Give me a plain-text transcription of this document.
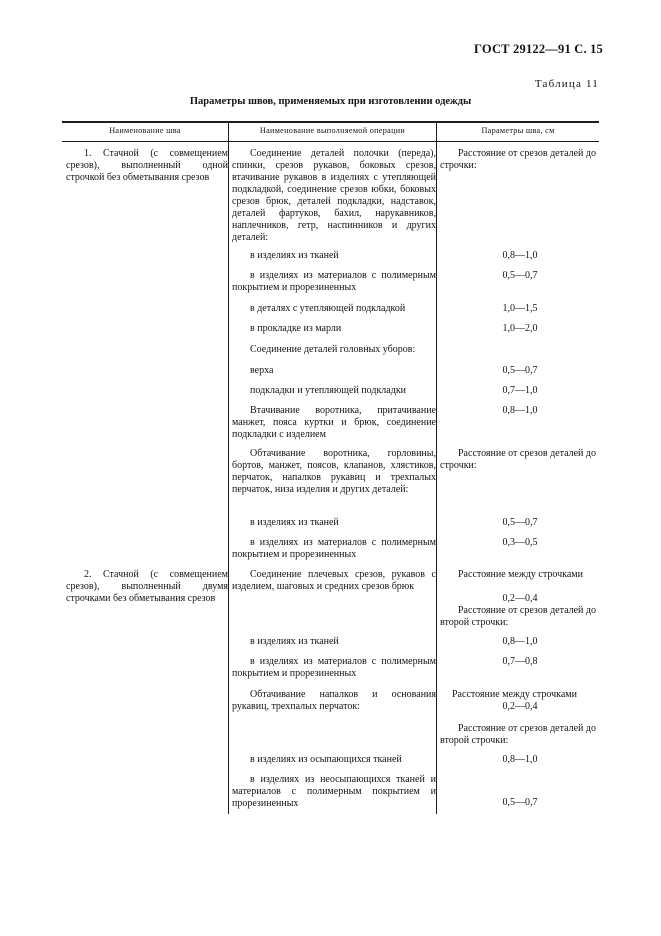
ГОСТ 29122—91 С. 15
Таблица 11
Параметры швов, применяемых при изготовлении одежды
Наименование шва	Наименование выполняемой операции	Параметры шва, см
1. Стачной (с совмещением срезов), выполненный одной строчкой без обметывания срезов
2. Стачной (с совмещением срезов), выполненный двумя строчками без обметывания срезов
Соединение деталей полочки (переда), спинки, срезов рукавов, боковых срезов, втачивание рукавов в изделиях с утепляющей подкладкой, соединение срезов юбки, боковых срезов брюк, деталей подкладки, надставок, деталей фартуков, бахил, нарукавников, наплечников, гетр, наспинников и других деталей:
в изделиях из тканей
в изделиях из материалов с полимерным покрытием и прорезиненных
в деталях с утепляющей подкладкой
в прокладке из марли
Соединение деталей головных уборов:
верха
подкладки и утепляющей подкладки
Втачивание воротника, притачивание манжет, пояса куртки и брюк, соединение подкладки с изделием
Обтачивание воротника, горловины, бортов, манжет, поясов, клапанов, хлястиков, перчаток, напалков рукавиц и трехпалых перчаток, низа изделия и других деталей:
в изделиях из тканей
в изделиях из материалов с полимерным покрытием и прорезиненных
Соединение плечевых срезов, рукавов с изделием, шаговых и средних срезов брюк
в изделиях из тканей
в изделиях из материалов с полимерным покрытием и прорезиненных
Обтачивание напалков и основания рукавиц, трехпалых перчаток:
в изделиях из осыпающихся тканей
в изделиях из неосыпающихся тканей и материалов с полимерным покрытием и прорезиненных
Расстояние от срезов деталей до строчки:
Расстояние от срезов деталей до строчки:
Расстояние между строчками
Расстояние от срезов деталей до второй строчки:
Расстояние между строчками
Расстояние от срезов деталей до второй строчки:
0,8—1,0
0,5—0,7
1,0—1,5
1,0—2,0
0,5—0,7
0,7—1,0
0,8—1,0
0,5—0,7
0,3—0,5
0,2—0,4
0,8—1,0
0,7—0,8
0,2—0,4
0,8—1,0
0,5—0,7
